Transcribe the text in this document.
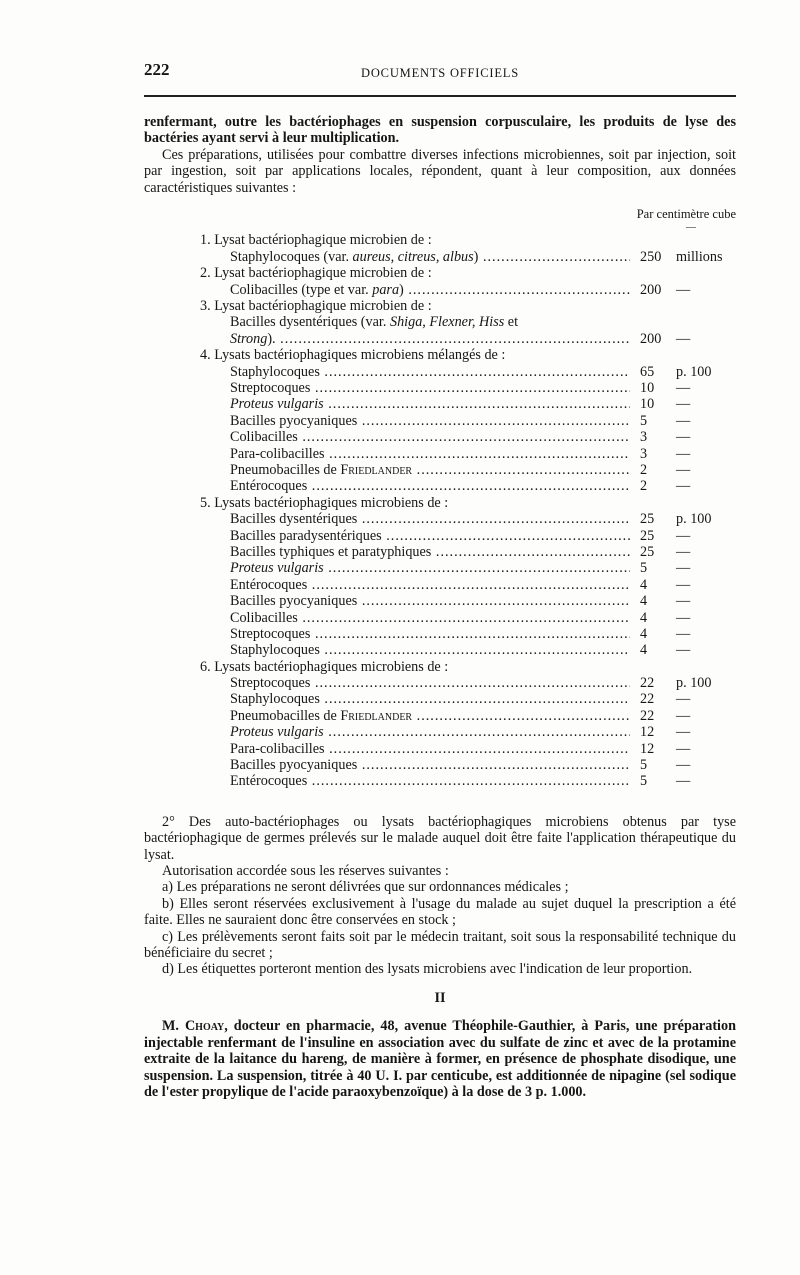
222	DOCUMENTS OFFICIELS

renfermant, outre les bactériophages en suspension corpusculaire, les produits de lyse des bactéries ayant servi à leur multiplication.

Ces préparations, utilisées pour combattre diverses infections microbiennes, soit par injection, soit par ingestion, soit par applications locales, répondent, quant à leur composition, aux données caractéristiques suivantes :

Par centimètre cube
—
1. Lysat bactériophagique microbien de :
Staphylocoques (var. aureus, citreus, albus) .....	250 millions
2. Lysat bactériophagique microbien de :
Colibacilles (type et var. para) .....	200 —
3. Lysat bactériophagique microbien de :
Bacilles dysentériques (var. Shiga, Flexner, Hiss et
Strong). .....	200 —
4. Lysats bactériophagiques microbiens mélangés de :
Staphylocoques .....	65 p. 100
Streptocoques .....	10 —
Proteus vulgaris .....	10 —
Bacilles pyocyaniques .....	5 —
Colibacilles .....	3 —
Para-colibacilles .....	3 —
Pneumobacilles de Friedlander .....	2 —
Entérocoques .....	2 —
5. Lysats bactériophagiques microbiens de :
Bacilles dysentériques .....	25 p. 100
Bacilles paradysentériques .....	25 —
Bacilles typhiques et paratyphiques .....	25 —
Proteus vulgaris .....	5 —
Entérocoques .....	4 —
Bacilles pyocyaniques .....	4 —
Colibacilles .....	4 —
Streptocoques .....	4 —
Staphylocoques .....	4 —
6. Lysats bactériophagiques microbiens de :
Streptocoques .....	22 p. 100
Staphylocoques .....	22 —
Pneumobacilles de Friedlander .....	22 —
Proteus vulgaris .....	12 —
Para-colibacilles .....	12 —
Bacilles pyocyaniques .....	5 —
Entérocoques .....	5 —

2° Des auto-bactériophages ou lysats bactériophagiques microbiens obtenus par tyse bactériophagique de germes prélevés sur le malade auquel doit être faite l'application thérapeutique du lysat.

Autorisation accordée sous les réserves suivantes :

a) Les préparations ne seront délivrées que sur ordonnances médicales ;

b) Elles seront réservées exclusivement à l'usage du malade au sujet duquel la prescription a été faite. Elles ne sauraient donc être conservées en stock ;

c) Les prélèvements seront faits soit par le médecin traitant, soit sous la responsabilité technique du bénéficiaire du secret ;

d) Les étiquettes porteront mention des lysats microbiens avec l'indication de leur proportion.

II

M. Choay, docteur en pharmacie, 48, avenue Théophile-Gauthier, à Paris, une préparation injectable renfermant de l'insuline en association avec du sulfate de zinc et avec de la protamine extraite de la laitance du hareng, de manière à former, en présence de phosphate disodique, une suspension. La suspension, titrée à 40 U. I. par centicube, est additionnée de nipagine (sel sodique de l'ester propylique de l'acide paraoxybenzoïque) à la dose de 3 p. 1.000.
